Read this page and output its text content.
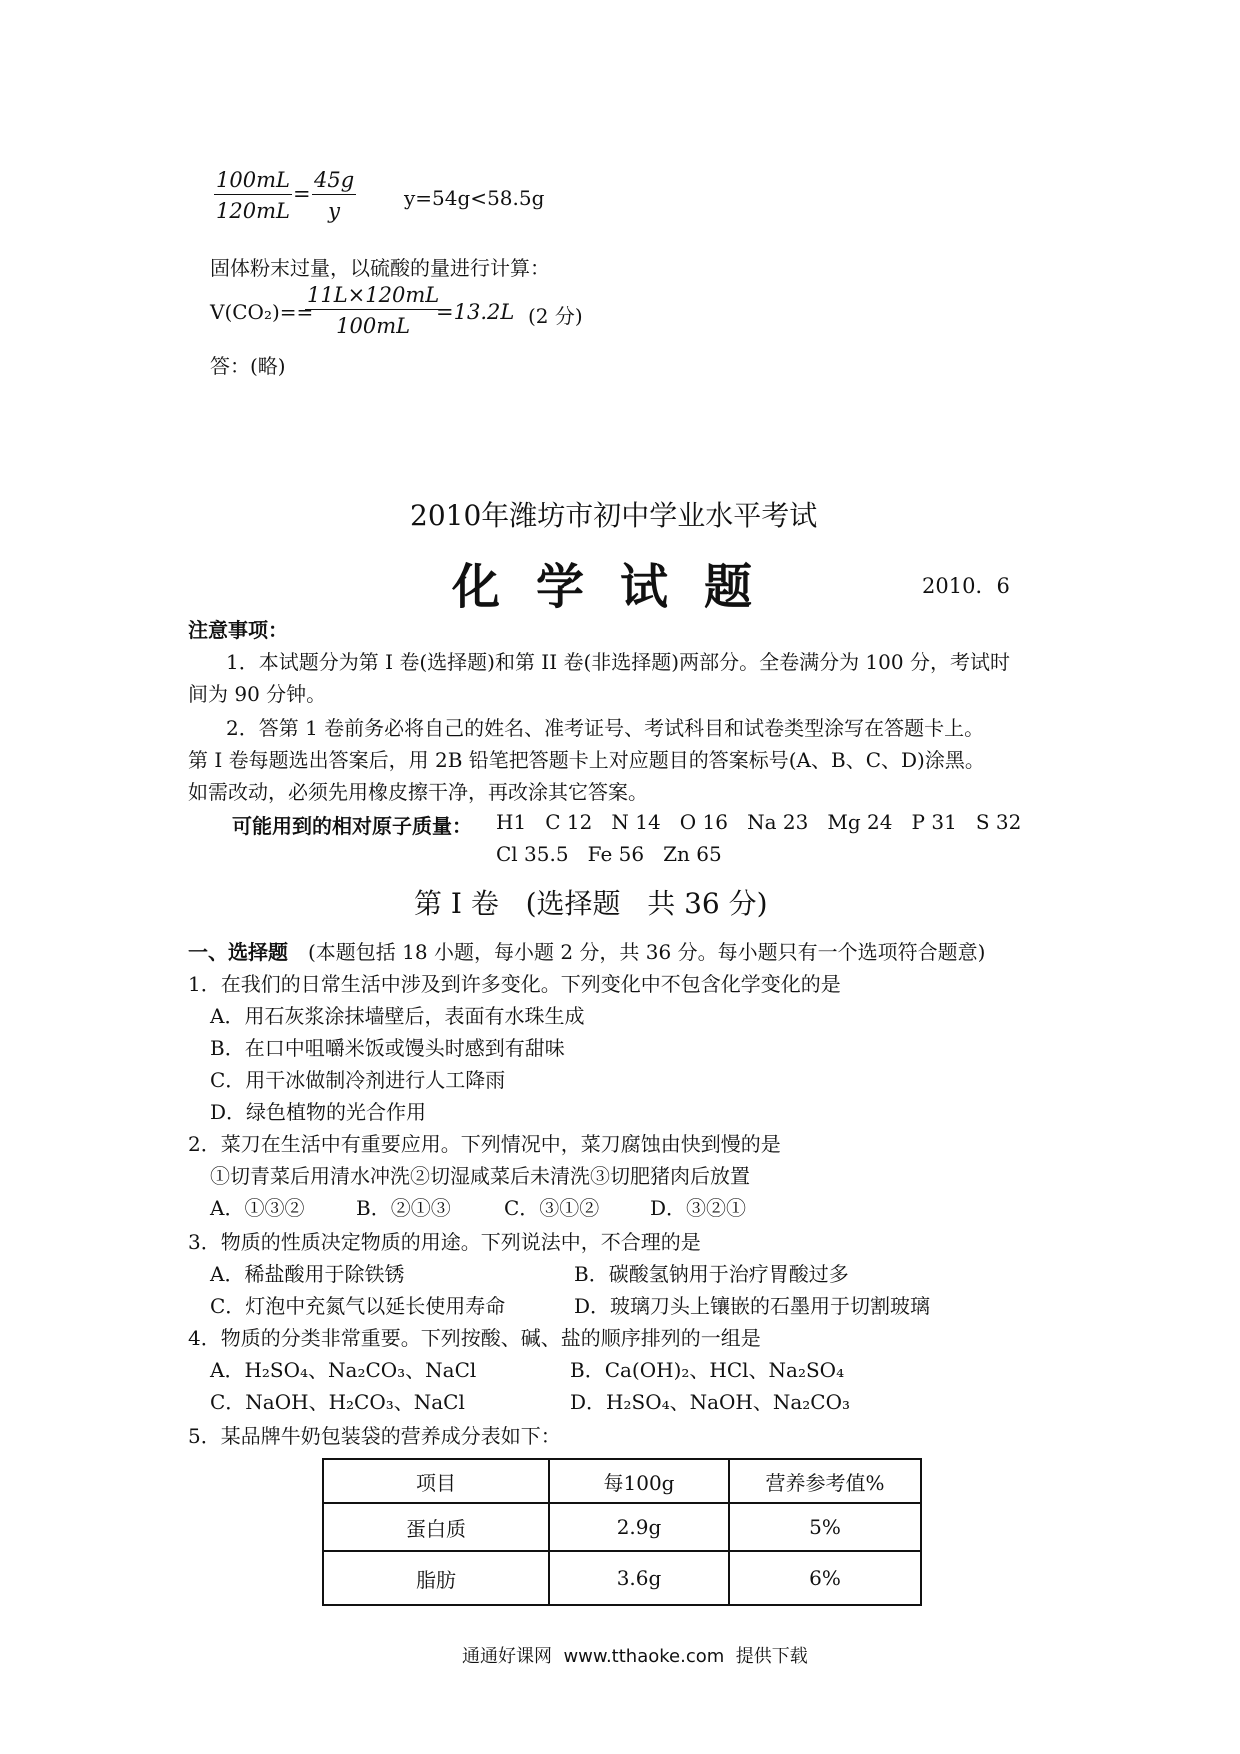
$\frac{100mL}{120mL} = \frac{45g}{y} y=54g<58.5g$
固体粉末过量，以硫酸的量进行计算：
V(CO₂)==
$\frac{11L\times 120mL}{100mL}$
=13.2L (2 分)
答：(略)
2010年潍坊市初中学业水平考试
化学试题	2010．6
注意事项：
1．本试题分为第 I 卷(选择题)和第 II 卷(非选择题)两部分。全卷满分为 100 分，考试时
间为 90 分钟。
2．答第 1 卷前务必将自己的姓名、准考证号、考试科目和试卷类型涂写在答题卡上。
第 I 卷每题选出答案后，用 2B 铅笔把答题卡上对应题目的答案标号(A、B、C、D)涂黑。
如需改动，必须先用橡皮擦干净，再改涂其它答案。
可能用到的相对原子质量： H1   C 12   N 14   O 16   Na 23   Mg 24   P 31   S 32
Cl 35.5   Fe 56   Zn 65
第 I 卷   (选择题   共 36 分)
一、选择题 (本题包括 18 小题，每小题 2 分，共 36 分。每小题只有一个选项符合题意)
1．在我们的日常生活中涉及到许多变化。下列变化中不包含化学变化的是
A．用石灰浆涂抹墙壁后，表面有水珠生成
B．在口中咀嚼米饭或馒头时感到有甜味
C．用干冰做制冷剂进行人工降雨
D．绿色植物的光合作用
2．菜刀在生活中有重要应用。下列情况中，菜刀腐蚀由快到慢的是
①切青菜后用清水冲洗②切湿咸菜后未清洗③切肥猪肉后放置
A．①③②	B．②①③	C．③①②	D．③②①
3．物质的性质决定物质的用途。下列说法中，不合理的是
A．稀盐酸用于除铁锈	B．碳酸氢钠用于治疗胃酸过多
C．灯泡中充氮气以延长使用寿命	D．玻璃刀头上镶嵌的石墨用于切割玻璃
4．物质的分类非常重要。下列按酸、碱、盐的顺序排列的一组是
A．H₂SO₄、Na₂CO₃、NaCl	B．Ca(OH)₂、HCl、Na₂SO₄
C．NaOH、H₂CO₃、NaCl	D．H₂SO₄、NaOH、Na₂CO₃
5．某品牌牛奶包装袋的营养成分表如下：
项目	每100g	营养参考值%
蛋白质	2.9g	5%
脂肪	3.6g	6%
通通好课网  www.tthaoke.com  提供下载
